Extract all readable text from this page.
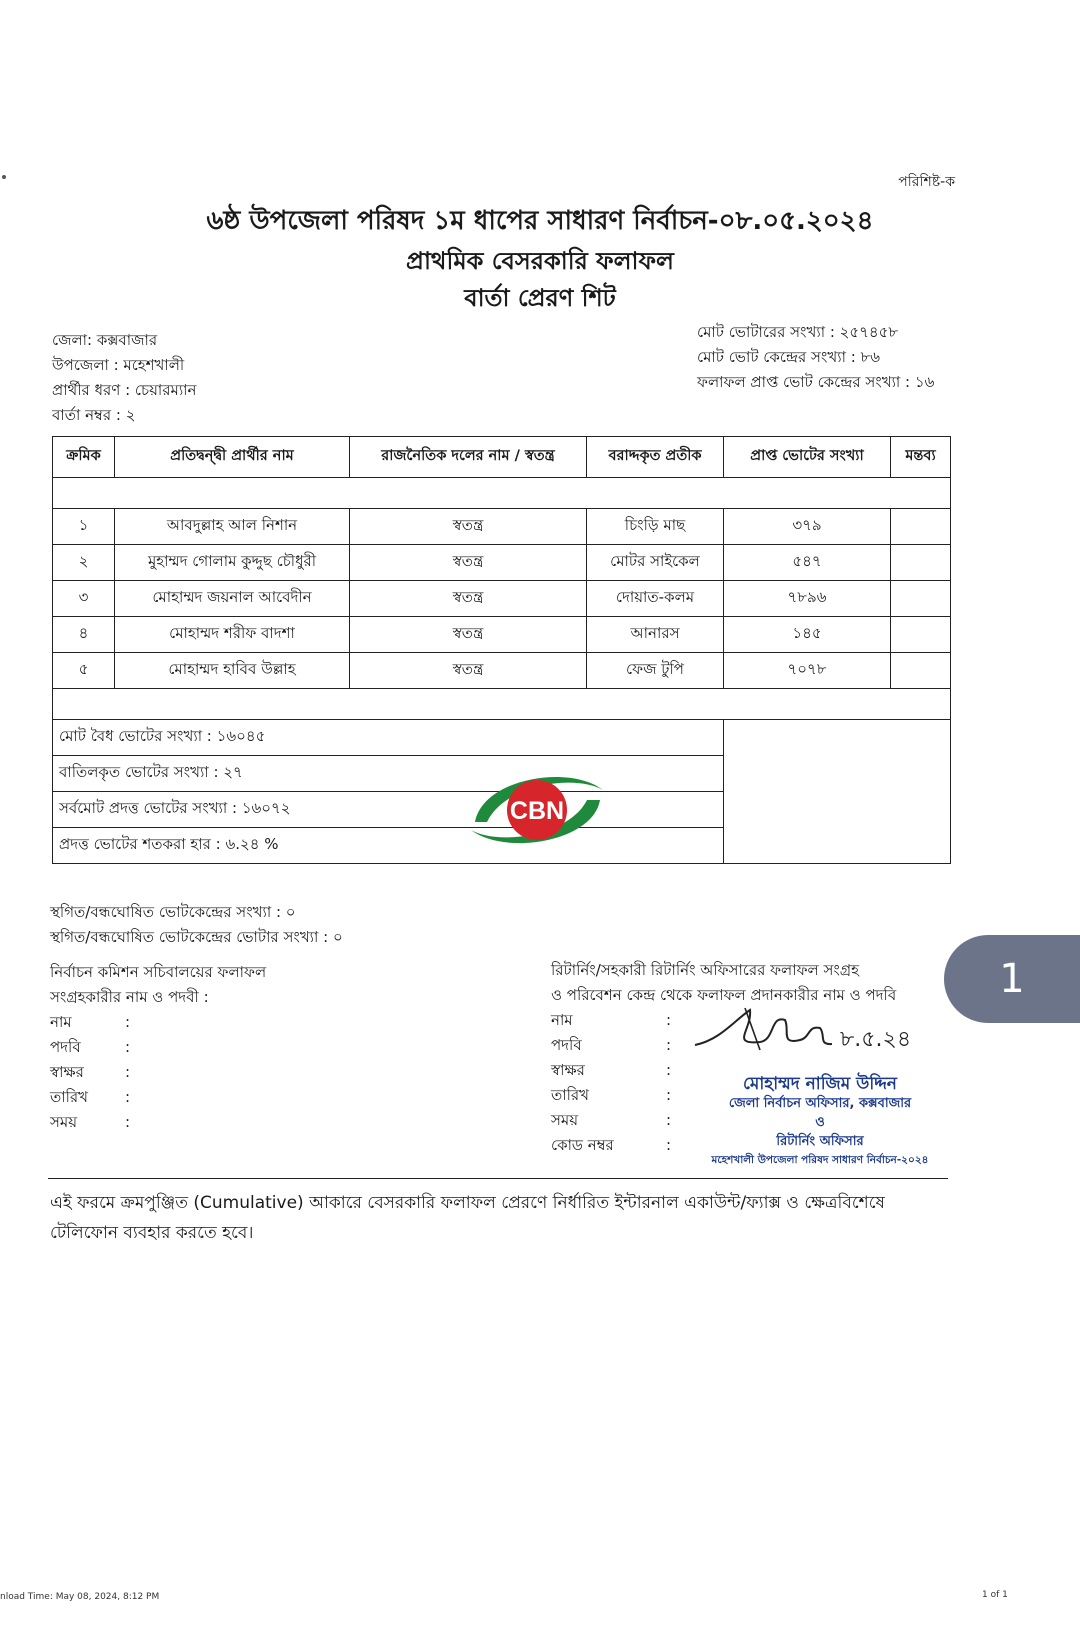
পরিশিষ্ট-ক
৬ষ্ঠ উপজেলা পরিষদ ১ম ধাপের সাধারণ নির্বাচন-০৮.০৫.২০২৪
প্রাথমিক বেসরকারি ফলাফল
বার্তা প্রেরণ শিট
জেলা: কক্সবাজার
উপজেলা : মহেশখালী
প্রার্থীর ধরণ : চেয়ারম্যান
বার্তা নম্বর : ২
মোট ভোটারের সংখ্যা : ২৫৭৪৫৮
মোট ভোট কেন্দ্রের সংখ্যা : ৮৬
ফলাফল প্রাপ্ত ভোট কেন্দ্রের সংখ্যা : ১৬
ক্রমিক	প্রতিদ্বন্দ্বী প্রার্থীর নাম	রাজনৈতিক দলের নাম / স্বতন্ত্র	বরাদ্দকৃত প্রতীক	প্রাপ্ত ভোটের সংখ্যা	মন্তব্য

১	আবদুল্লাহ আল নিশান	স্বতন্ত্র	চিংড়ি মাছ	৩৭৯	
২	মুহাম্মদ গোলাম কুদ্দুছ চৌধুরী	স্বতন্ত্র	মোটর সাইকেল	৫৪৭	
৩	মোহাম্মদ জয়নাল আবেদীন	স্বতন্ত্র	দোয়াত-কলম	৭৮৯৬	
৪	মোহাম্মদ শরীফ বাদশা	স্বতন্ত্র	আনারস	১৪৫	
৫	মোহাম্মদ হাবিব উল্লাহ	স্বতন্ত্র	ফেজ টুপি	৭০৭৮	

মোট বৈধ ভোটের সংখ্যা : ১৬০৪৫					
বাতিলকৃত ভোটের সংখ্যা : ২৭					
সর্বমোট প্রদত্ত ভোটের সংখ্যা : ১৬০৭২					
প্রদত্ত ভোটের শতকরা হার : ৬.২৪ %					
CBN
স্থগিত/বন্ধঘোষিত ভোটকেন্দ্রের সংখ্যা : ০
স্থগিত/বন্ধঘোষিত ভোটকেন্দ্রের ভোটার সংখ্যা : ০
নির্বাচন কমিশন সচিবালয়ের ফলাফল
সংগ্রহকারীর নাম ও পদবী :
নাম	:
পদবি	:
স্বাক্ষর	:
তারিখ	:
সময়	:
রিটার্নিং/সহকারী রিটার্নিং অফিসারের ফলাফল সংগ্রহ
ও পরিবেশন কেন্দ্র থেকে ফলাফল প্রদানকারীর নাম ও পদবি
নাম	:
পদবি	:
স্বাক্ষর	:
তারিখ	:
সময়	:
কোড নম্বর	:
৮.৫.২৪
মোহাম্মদ নাজিম উদ্দিন
জেলা নির্বাচন অফিসার, কক্সবাজার
ও
রিটার্নিং অফিসার
মহেশখালী উপজেলা পরিষদ সাধারণ নির্বাচন-২০২৪
এই ফরমে ক্রমপুঞ্জিত (Cumulative) আকারে বেসরকারি ফলাফল প্রেরণে নির্ধারিত ইন্টারনাল একাউন্ট/ফ্যাক্স ও ক্ষেত্রবিশেষে টেলিফোন ব্যবহার করতে হবে।
nload Time: May 08, 2024, 8:12 PM	1 of 1
1
